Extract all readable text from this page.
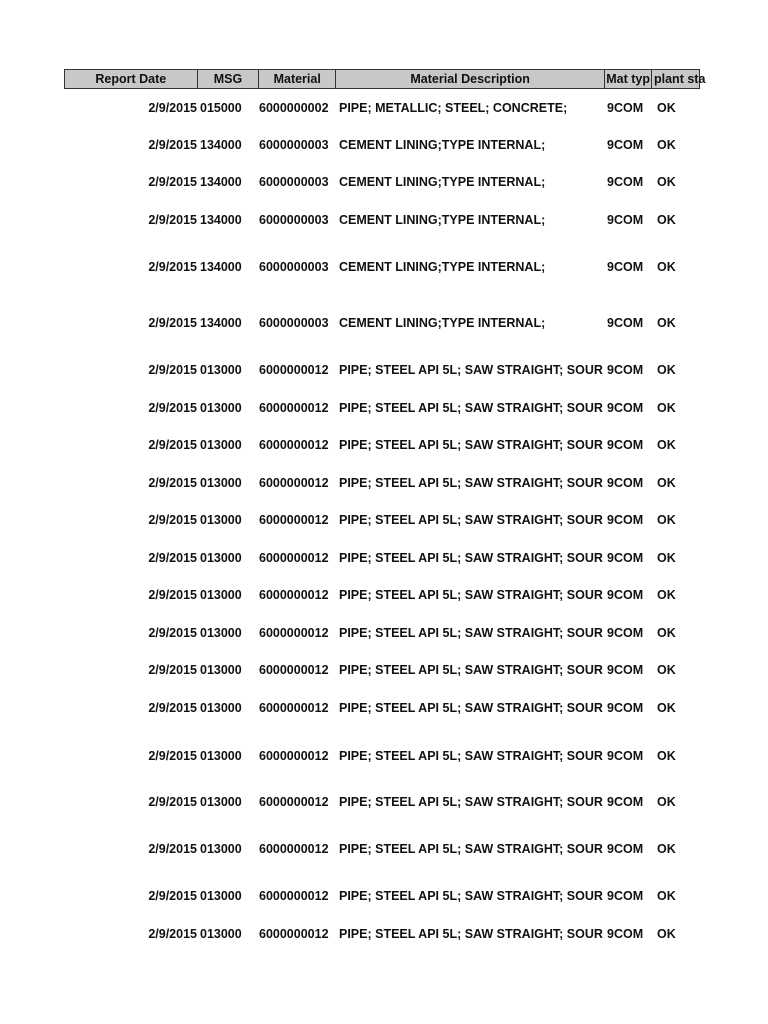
Report Date	MSG	Material	Material Description	Mat typ plant sta
2/9/2015 015000	6000000002 PIPE; METALLIC; STEEL; CONCRETE;	9COM	OK
2/9/2015 134000	6000000003 CEMENT LINING;TYPE INTERNAL;	9COM	OK
2/9/2015 134000	6000000003 CEMENT LINING;TYPE INTERNAL;	9COM	OK
2/9/2015 134000	6000000003 CEMENT LINING;TYPE INTERNAL;	9COM	OK
2/9/2015 134000	6000000003 CEMENT LINING;TYPE INTERNAL;	9COM	OK
2/9/2015 134000	6000000003 CEMENT LINING;TYPE INTERNAL;	9COM	OK
2/9/2015 013000	6000000012 PIPE; STEEL API 5L; SAW STRAIGHT; SOUR 9COM	OK
2/9/2015 013000	6000000012 PIPE; STEEL API 5L; SAW STRAIGHT; SOUR 9COM	OK
2/9/2015 013000	6000000012 PIPE; STEEL API 5L; SAW STRAIGHT; SOUR 9COM	OK
2/9/2015 013000	6000000012 PIPE; STEEL API 5L; SAW STRAIGHT; SOUR 9COM	OK
2/9/2015 013000	6000000012 PIPE; STEEL API 5L; SAW STRAIGHT; SOUR 9COM	OK
2/9/2015 013000	6000000012 PIPE; STEEL API 5L; SAW STRAIGHT; SOUR 9COM	OK
2/9/2015 013000	6000000012 PIPE; STEEL API 5L; SAW STRAIGHT; SOUR 9COM	OK
2/9/2015 013000	6000000012 PIPE; STEEL API 5L; SAW STRAIGHT; SOUR 9COM	OK
2/9/2015 013000	6000000012 PIPE; STEEL API 5L; SAW STRAIGHT; SOUR 9COM	OK
2/9/2015 013000	6000000012 PIPE; STEEL API 5L; SAW STRAIGHT; SOUR 9COM	OK
2/9/2015 013000	6000000012 PIPE; STEEL API 5L; SAW STRAIGHT; SOUR 9COM	OK
2/9/2015 013000	6000000012 PIPE; STEEL API 5L; SAW STRAIGHT; SOUR 9COM	OK
2/9/2015 013000	6000000012 PIPE; STEEL API 5L; SAW STRAIGHT; SOUR 9COM	OK
2/9/2015 013000	6000000012 PIPE; STEEL API 5L; SAW STRAIGHT; SOUR 9COM	OK
2/9/2015 013000	6000000012 PIPE; STEEL API 5L; SAW STRAIGHT; SOUR 9COM	OK
